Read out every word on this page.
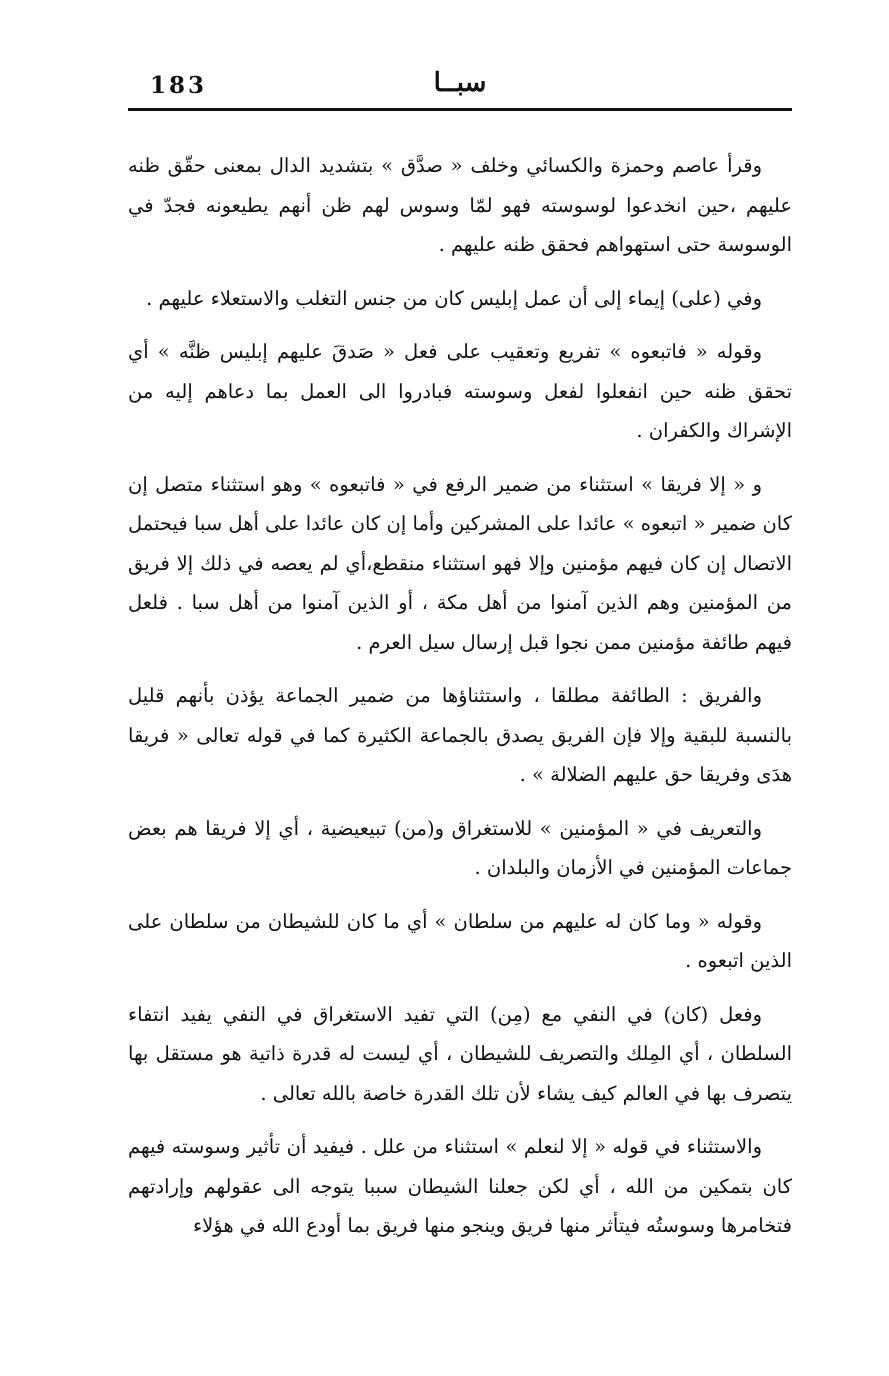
183	سبــا

وقرأ عاصم وحمزة والكسائي وخلف « صدَّق » بتشديد الدال بمعنى حقّق ظنه عليهم ،حين انخدعوا لوسوسته فهو لمّا وسوس لهم ظن أنهم يطيعونه فجدّ في الوسوسة حتى استهواهم فحقق ظنه عليهم .

وفي (على) إيماء إلى أن عمل إبليس كان من جنس التغلب والاستعلاء عليهم .

وقوله « فاتبعوه » تفريع وتعقيب على فعل « صَدقَ عليهم إبليس ظنَّه » أي تحقق ظنه حين انفعلوا لفعل وسوسته فبادروا الى العمل بما دعاهم إليه من الإشراك والكفران .

و « إلا فريقا » استثناء من ضمير الرفع في « فاتبعوه » وهو استثناء متصل إن كان ضمير « اتبعوه » عائدا على المشركين وأما إن كان عائدا على أهل سبا فيحتمل الاتصال إن كان فيهم مؤمنين وإلا فهو استثناء منقطع،أي لم يعصه في ذلك إلا فريق من المؤمنين وهم الذين آمنوا من أهل مكة ، أو الذين آمنوا من أهل سبا . فلعل فيهم طائفة مؤمنين ممن نجوا قبل إرسال سيل العرم .

والفريق : الطائفة مطلقا ، واستثناؤها من ضمير الجماعة يؤذن بأنهم قليل بالنسبة للبقية وإلا فإن الفريق يصدق بالجماعة الكثيرة كما في قوله تعالى « فريقا هدَى وفريقا حق عليهم الضلالة » .

والتعريف في « المؤمنين » للاستغراق و(من) تبيعيضية ، أي إلا فريقا هم بعض جماعات المؤمنين في الأزمان والبلدان .

وقوله « وما كان له عليهم من سلطان » أي ما كان للشيطان من سلطان على الذين اتبعوه .

وفعل (كان) في النفي مع (مِن) التي تفيد الاستغراق في النفي يفيد انتفاء السلطان ، أي المِلك والتصريف للشيطان ، أي ليست له قدرة ذاتية هو مستقل بها يتصرف بها في العالم كيف يشاء لأن تلك القدرة خاصة بالله تعالى .

والاستثناء في قوله « إلا لنعلم » استثناء من علل . فيفيد أن تأثير وسوسته فيهم كان بتمكين من الله ، أي لكن جعلنا الشيطان سببا يتوجه الى عقولهم وإرادتهم فتخامرها وسوستُه فيتأثر منها فريق وينجو منها فريق بما أودع الله في هؤلاء
